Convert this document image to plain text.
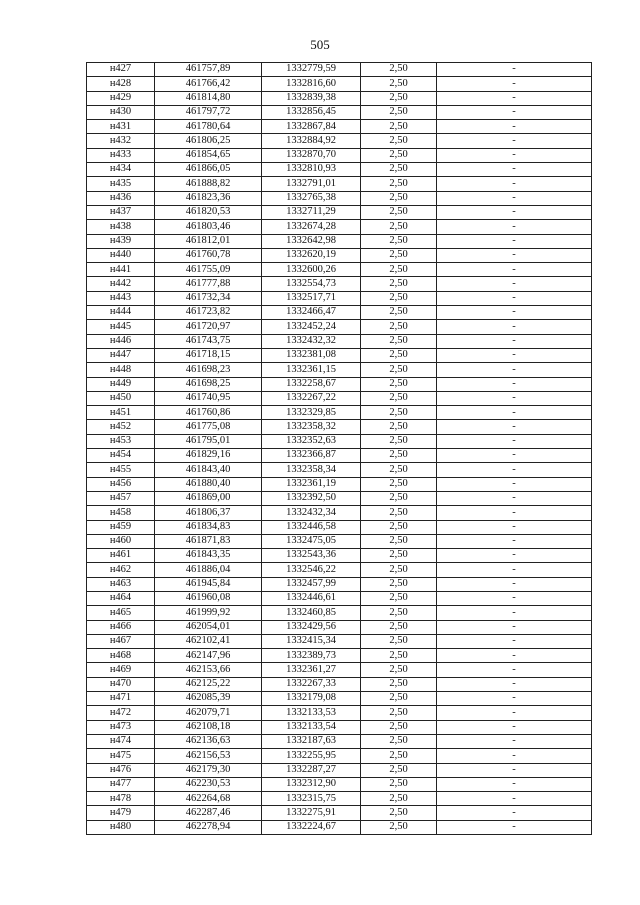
505
н427	461757,89	1332779,59	2,50	-
н428	461766,42	1332816,60	2,50	-
н429	461814,80	1332839,38	2,50	-
н430	461797,72	1332856,45	2,50	-
н431	461780,64	1332867,84	2,50	-
н432	461806,25	1332884,92	2,50	-
н433	461854,65	1332870,70	2,50	-
н434	461866,05	1332810,93	2,50	-
н435	461888,82	1332791,01	2,50	-
н436	461823,36	1332765,38	2,50	-
н437	461820,53	1332711,29	2,50	-
н438	461803,46	1332674,28	2,50	-
н439	461812,01	1332642,98	2,50	-
н440	461760,78	1332620,19	2,50	-
н441	461755,09	1332600,26	2,50	-
н442	461777,88	1332554,73	2,50	-
н443	461732,34	1332517,71	2,50	-
н444	461723,82	1332466,47	2,50	-
н445	461720,97	1332452,24	2,50	-
н446	461743,75	1332432,32	2,50	-
н447	461718,15	1332381,08	2,50	-
н448	461698,23	1332361,15	2,50	-
н449	461698,25	1332258,67	2,50	-
н450	461740,95	1332267,22	2,50	-
н451	461760,86	1332329,85	2,50	-
н452	461775,08	1332358,32	2,50	-
н453	461795,01	1332352,63	2,50	-
н454	461829,16	1332366,87	2,50	-
н455	461843,40	1332358,34	2,50	-
н456	461880,40	1332361,19	2,50	-
н457	461869,00	1332392,50	2,50	-
н458	461806,37	1332432,34	2,50	-
н459	461834,83	1332446,58	2,50	-
н460	461871,83	1332475,05	2,50	-
н461	461843,35	1332543,36	2,50	-
н462	461886,04	1332546,22	2,50	-
н463	461945,84	1332457,99	2,50	-
н464	461960,08	1332446,61	2,50	-
н465	461999,92	1332460,85	2,50	-
н466	462054,01	1332429,56	2,50	-
н467	462102,41	1332415,34	2,50	-
н468	462147,96	1332389,73	2,50	-
н469	462153,66	1332361,27	2,50	-
н470	462125,22	1332267,33	2,50	-
н471	462085,39	1332179,08	2,50	-
н472	462079,71	1332133,53	2,50	-
н473	462108,18	1332133,54	2,50	-
н474	462136,63	1332187,63	2,50	-
н475	462156,53	1332255,95	2,50	-
н476	462179,30	1332287,27	2,50	-
н477	462230,53	1332312,90	2,50	-
н478	462264,68	1332315,75	2,50	-
н479	462287,46	1332275,91	2,50	-
н480	462278,94	1332224,67	2,50	-
